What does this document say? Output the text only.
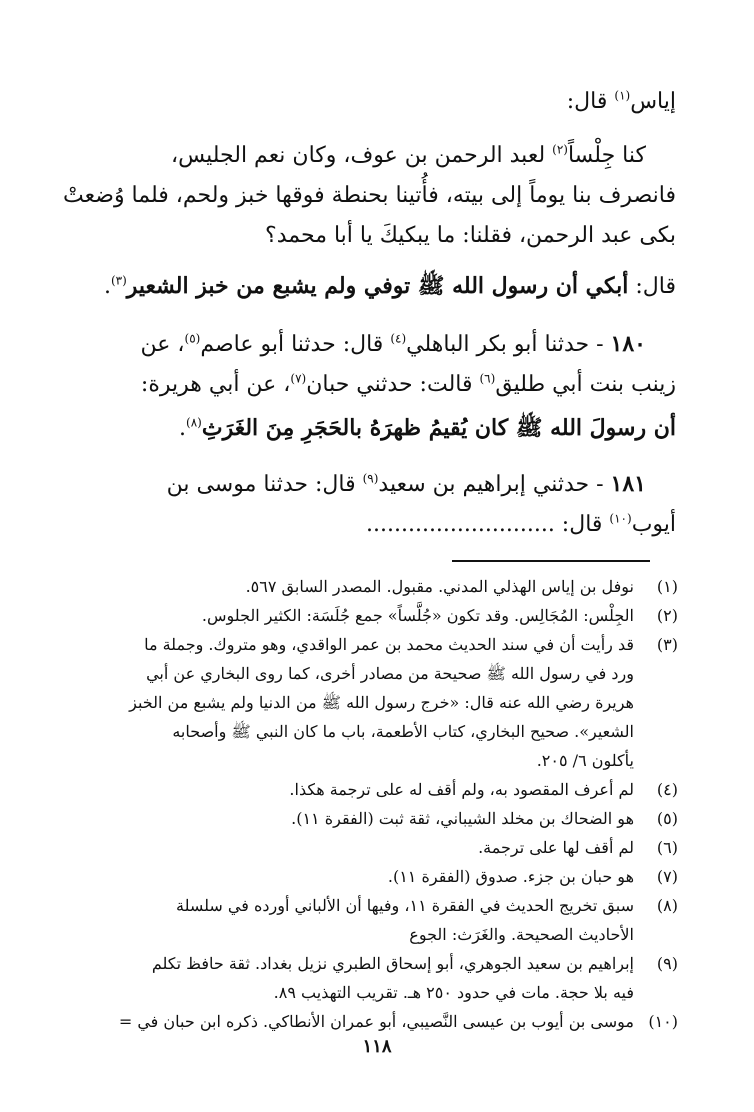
إياس$^{(١)}$ قال:

كنا جِلْساً$^{(٢)}$ لعبد الرحمن بن عوف، وكان نعم الجليس،
فانصرف بنا يوماً إلى بيته، فأُتينا بحنطة فوقها خبز ولحم، فلما وُضعتْ
بكى عبد الرحمن، فقلنا: ما يبكيكَ يا أبا محمد؟
قال: أبكي أن رسول الله ﷺ توفي ولم يشبع من خبز الشعير$^{(٣)}$.
١٨٠ - حدثنا أبو بكر الباهلي$^{(٤)}$ قال: حدثنا أبو عاصم$^{(٥)}$، عن
زينب بنت أبي طليق$^{(٦)}$ قالت: حدثني حبان$^{(٧)}$، عن أبي هريرة:
أن رسولَ الله ﷺ كان يُقيمُ ظهرَهُ بالحَجَرِ مِنَ الغَرَثِ$^{(٨)}$.
١٨١ - حدثني إبراهيم بن سعيد$^{(٩)}$ قال: حدثنا موسى بن
أيوب$^{(١٠)}$ قال: ...........................
(١)
نوفل بن إياس الهذلي المدني. مقبول. المصدر السابق ٥٦٧.
(٢)
الجِلْس: المُجَالِس. وقد تكون «جُلَّساً» جمع جُلَسَة: الكثير الجلوس.
(٣)
قد رأيت أن في سند الحديث محمد بن عمر الواقدي، وهو متروك. وجملة ما
ورد في رسول الله ﷺ صحيحة من مصادر أخرى، كما روى البخاري عن أبي
هريرة رضي الله عنه قال: «خرج رسول الله ﷺ من الدنيا ولم يشبع من الخبز
الشعير». صحيح البخاري، كتاب الأطعمة، باب ما كان النبي ﷺ وأصحابه
يأكلون ٦/ ٢٠٥.
(٤)
لم أعرف المقصود به، ولم أقف له على ترجمة هكذا.
(٥)
هو الضحاك بن مخلد الشيباني، ثقة ثبت (الفقرة ١١).
(٦)
لم أقف لها على ترجمة.
(٧)
هو حبان بن جزء. صدوق (الفقرة ١١).
(٨)
سبق تخريج الحديث في الفقرة ١١، وفيها أن الألباني أورده في سلسلة
الأحاديث الصحيحة. والغَرَث: الجوع
(٩)
إبراهيم بن سعيد الجوهري، أبو إسحاق الطبري نزيل بغداد. ثقة حافظ تكلم
فيه بلا حجة. مات في حدود ٢٥٠ هـ. تقريب التهذيب ٨٩.
(١٠)
موسى بن أيوب بن عيسى النَّصيبي، أبو عمران الأنطاكي. ذكره ابن حبان في =
١١٨
